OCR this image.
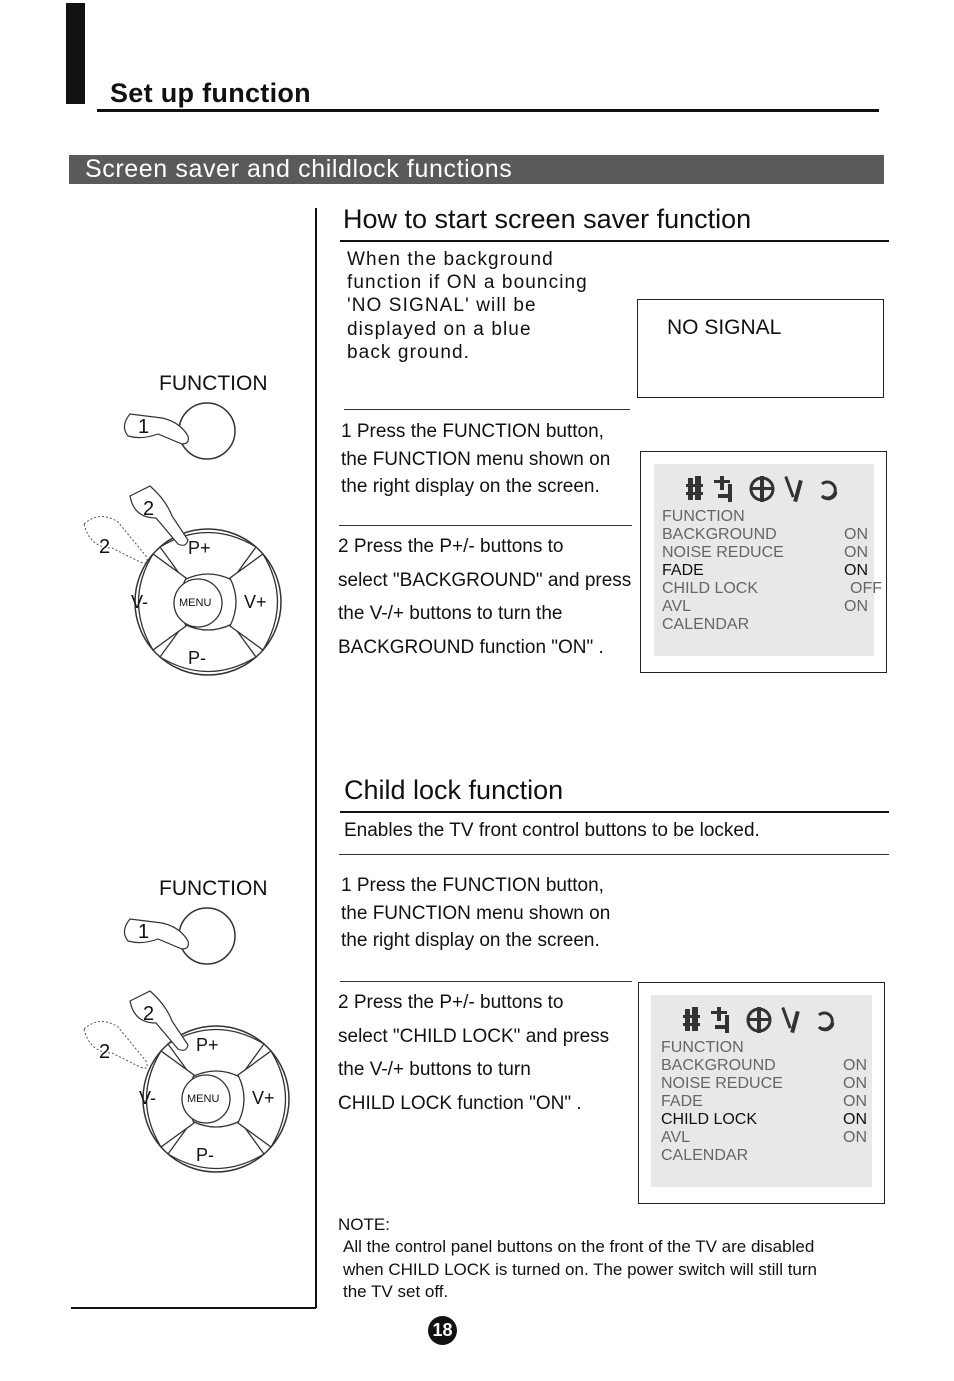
Set up function
Screen saver and childlock functions
How to start screen saver function
When the background
function if ON a bouncing
'NO SIGNAL' will be
displayed on a blue
back ground.
NO SIGNAL
1 Press the FUNCTION button,
the FUNCTION menu shown on
the right display on the screen.
2 Press the P+/- buttons to
select "BACKGROUND" and press
the V-/+ buttons to turn the
BACKGROUND function "ON" .
FUNCTION
BACKGROUND	ON
NOISE REDUCE	ON
FADE	ON
CHILD LOCK	OFF
AVL	ON
CALENDAR
FUNCTION
1
2
2	P+
P-
V-	V+
MENU
Child lock function
Enables the TV front control buttons to be locked.
1 Press the FUNCTION button,
the FUNCTION menu shown on
the right display on the screen.
2 Press the P+/- buttons to
select "CHILD LOCK" and press
the V-/+ buttons to turn
CHILD LOCK function "ON" .
FUNCTION
BACKGROUND	ON
NOISE REDUCE	ON
FADE	ON
CHILD LOCK	ON
AVL	ON
CALENDAR
FUNCTION
1
2
2	P+
P-
V-	V+
MENU
NOTE:
All the control panel buttons on the front of the TV are disabled
when CHILD LOCK is turned on. The power switch will still turn
the TV set off.
18
